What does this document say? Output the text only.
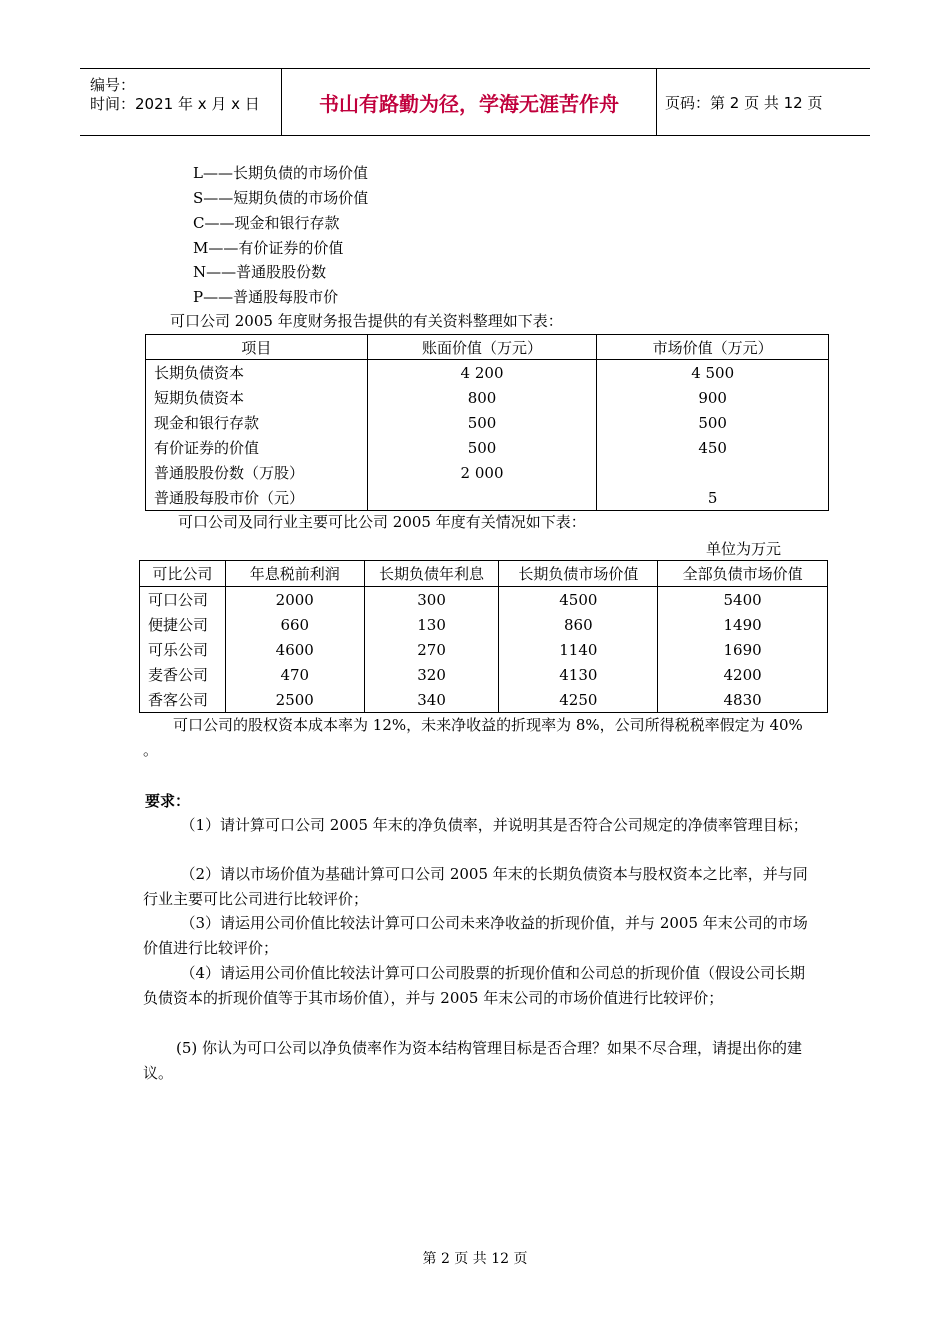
编号：
时间：2021 年 x 月 x 日	书山有路勤为径，学海无涯苦作舟	页码：第 2 页 共 12 页
L——长期负债的市场价值
S——短期负债的市场价值
C——现金和银行存款
M——有价证券的价值
N——普通股股份数
P——普通股每股市价
可口公司 2005 年度财务报告提供的有关资料整理如下表：
项目	账面价值（万元）	市场价值（万元）
长期负债资本	4 200	4 500
短期负债资本	800	900
现金和银行存款	500	500
有价证券的价值	500	450
普通股股份数（万股）	2 000	
普通股每股市价（元）		5
可口公司及同行业主要可比公司 2005 年度有关情况如下表：
单位为万元
可比公司	年息税前利润	长期负债年利息	长期负债市场价值	全部负债市场价值
可口公司	2000	300	4500	5400
便捷公司	660	130	860	1490
可乐公司	4600	270	1140	1690
麦香公司	470	320	4130	4200
香客公司	2500	340	4250	4830
可口公司的股权资本成本率为 12%，未来净收益的折现率为 8%，公司所得税税率假定为 40% 。
要求：
（1）请计算可口公司 2005 年末的净负债率，并说明其是否符合公司规定的净债率管理目标；
（2）请以市场价值为基础计算可口公司 2005 年末的长期负债资本与股权资本之比率，并与同行业主要可比公司进行比较评价；
（3）请运用公司价值比较法计算可口公司未来净收益的折现价值，并与 2005 年末公司的市场价值进行比较评价；
（4）请运用公司价值比较法计算可口公司股票的折现价值和公司总的折现价值（假设公司长期负债资本的折现价值等于其市场价值），并与 2005 年末公司的市场价值进行比较评价；
(5) 你认为可口公司以净负债率作为资本结构管理目标是否合理？如果不尽合理，请提出你的建议。
第 2 页 共 12 页
